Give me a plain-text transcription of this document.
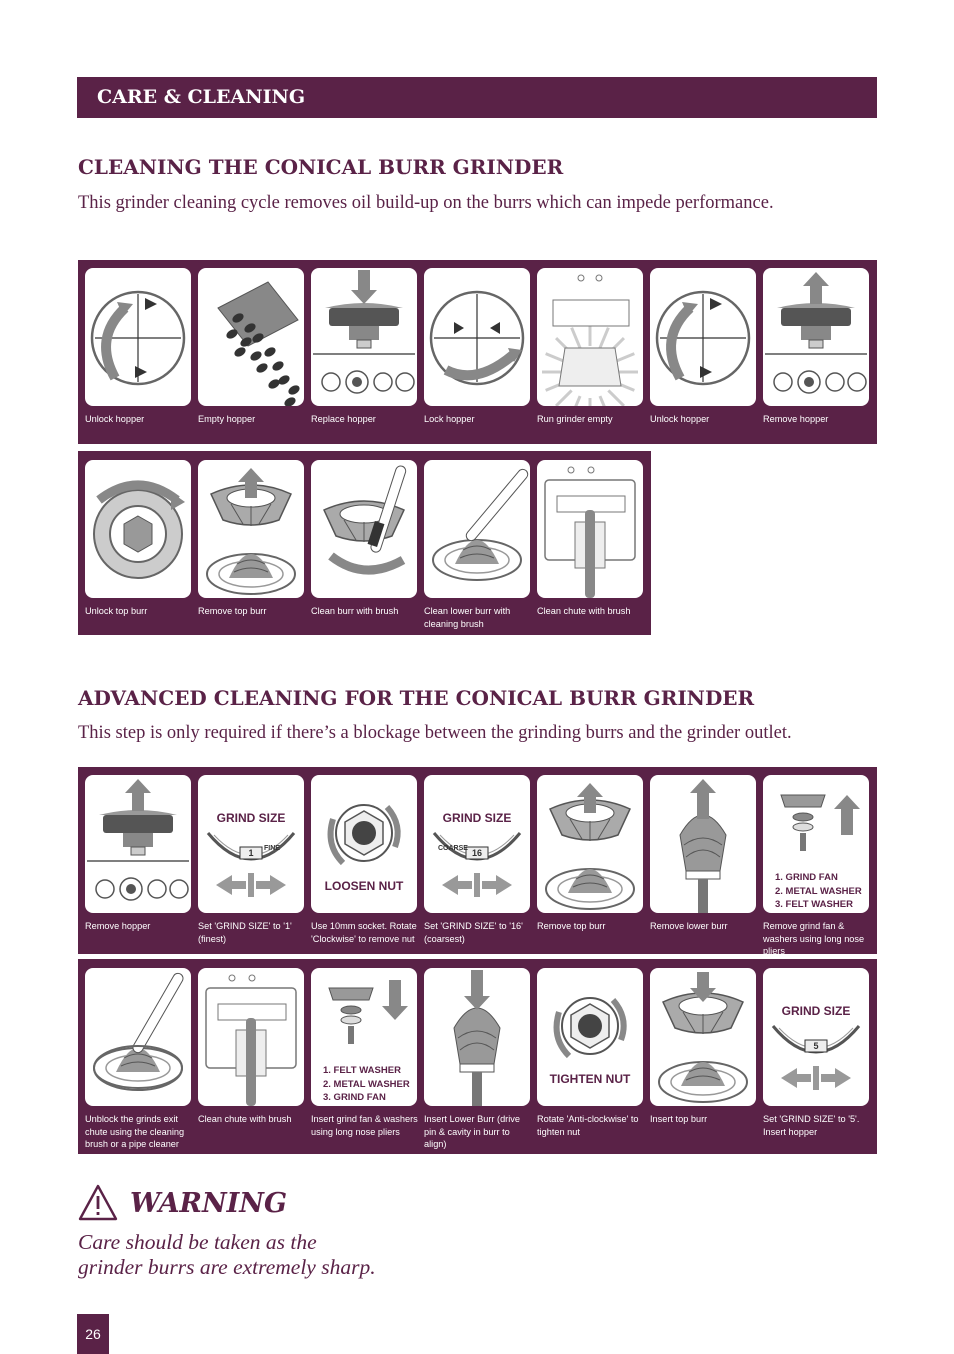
CARE & CLEANING
CLEANING THE CONICAL BURR GRINDER
This grinder cleaning cycle removes oil build-up on the burrs which can impede performance.
ADVANCED CLEANING FOR THE CONICAL BURR GRINDER
This step is only required if there’s a blockage between the grinding burrs and the grinder outlet.
1
Unlock hopper
2
Empty hopper
3
Replace hopper
4
Lock hopper
5
Run grinder empty
6
Unlock hopper
7
Remove hopper
8
Unlock top burr
9
Remove top burr
10
Clean burr with brush
11
Clean lower burr with cleaning brush
12
Clean chute with brush
1
Remove hopper
GRIND SIZE
1	FINE
2
Set 'GRIND SIZE' to '1' (finest)
LOOSEN NUT
3
Use 10mm socket. Rotate 'Clockwise' to remove nut
GRIND SIZE
16
COARSE
4
Set 'GRIND SIZE' to '16' (coarsest)
5
Remove top burr
6
Remove lower burr
1. GRIND FAN
2. METAL WASHER
3. FELT WASHER
7
Remove grind fan & washers using long nose pliers
8
Unblock the grinds exit chute using the cleaning brush or a pipe cleaner
9
Clean chute with brush
1. FELT WASHER
2. METAL WASHER
3. GRIND FAN
10
Insert grind fan & washers using long nose pliers
11
Insert Lower Burr (drive pin & cavity in burr to align)
TIGHTEN NUT
12
Rotate 'Anti-clockwise' to tighten nut
13
Insert top burr
GRIND SIZE
5
14
Set 'GRIND SIZE' to '5'. Insert hopper
WARNING
Care should be taken as the
grinder burrs are extremely sharp.
26
